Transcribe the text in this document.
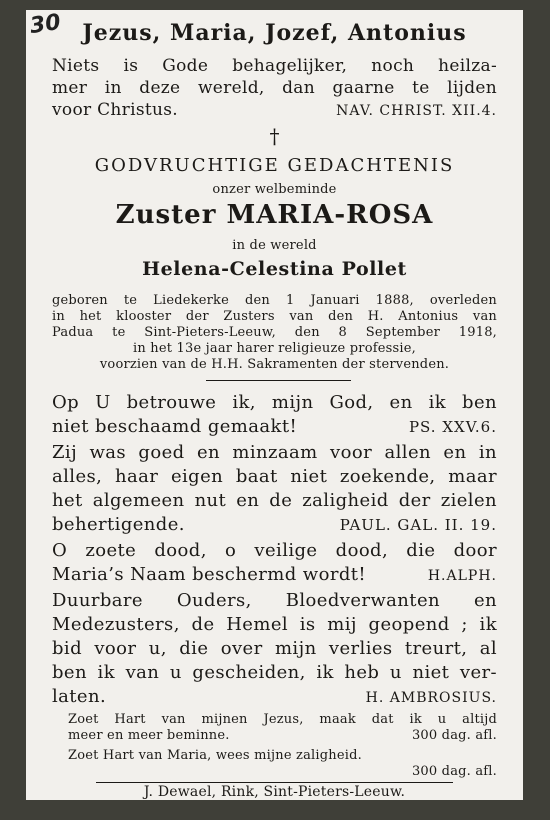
30 Jezus, Maria, Jozef, Antonius
Niets is Gode behagelijker, noch heilza-
mer in deze wereld, dan gaarne te lijden
voor Christus.	NAV. CHRIST. XII.4.
†
GODVRUCHTIGE GEDACHTENIS
onzer welbeminde
Zuster MARIA-ROSA
in de wereld
Helena-Celestina Pollet
geboren te Liedekerke den 1 Januari 1888, overleden
in het klooster der Zusters van den H. Antonius van
Padua te Sint-Pieters-Leeuw, den 8 September 1918,
in het 13e jaar harer religieuze professie,
voorzien van de H.H. Sakramenten der stervenden.
Op U betrouwe ik, mijn God, en ik ben
niet beschaamd gemaakt!	PS. XXV.6.
Zij was goed en minzaam voor allen en in
alles, haar eigen baat niet zoekende, maar
het algemeen nut en de zaligheid der zielen
behertigende.	PAUL. GAL. II. 19.
O zoete dood, o veilige dood, die door
Maria’s Naam beschermd wordt!	H.ALPH.
Duurbare Ouders, Bloedverwanten en
Medezusters, de Hemel is mij geopend ; ik
bid voor u, die over mijn verlies treurt, al
ben ik van u gescheiden, ik heb u niet ver-
laten.	H. AMBROSIUS.
Zoet Hart van mijnen Jezus, maak dat ik u altijd
meer en meer beminne.	300 dag. afl.
Zoet Hart van Maria, wees mijne zaligheid.
300 dag. afl.
J. Dewael, Rink, Sint-Pieters-Leeuw.
